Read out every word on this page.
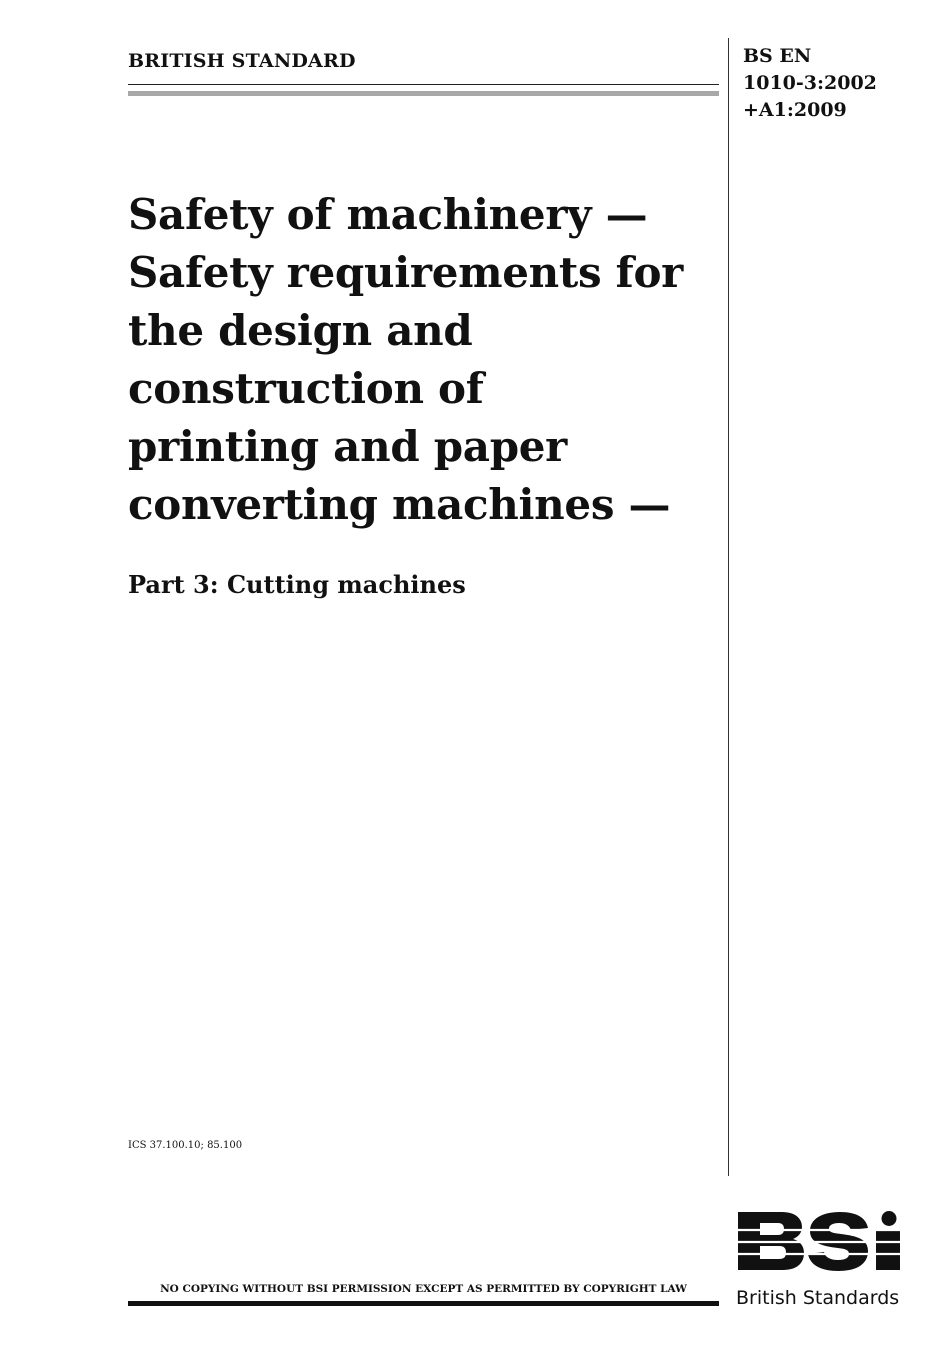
BRITISH STANDARD	BS EN
1010-3:2002
+A1:2009
Safety of machinery —
Safety requirements for
the design and
construction of
printing and paper
converting machines —
Part 3: Cutting machines
ICS 37.100.10; 85.100
NO COPYING WITHOUT BSI PERMISSION EXCEPT AS PERMITTED BY COPYRIGHT LAW	British Standards
